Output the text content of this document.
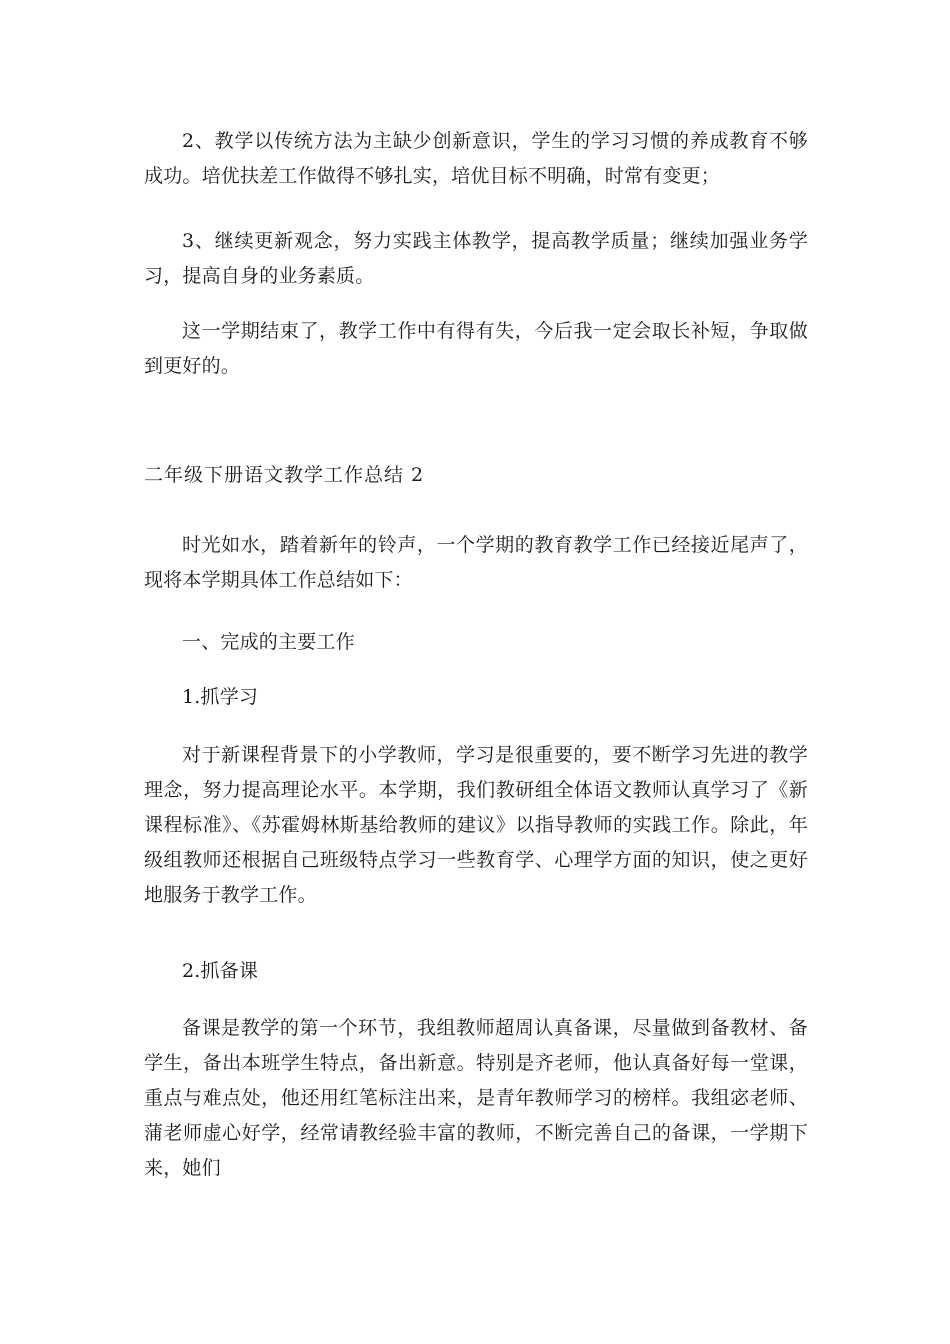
2、教学以传统方法为主缺少创新意识，学生的学习习惯的养成教育不够成功。培优扶差工作做得不够扎实，培优目标不明确，时常有变更；

3、继续更新观念，努力实践主体教学，提高教学质量；继续加强业务学习，提高自身的业务素质。

这一学期结束了，教学工作中有得有失，今后我一定会取长补短，争取做到更好的。

二年级下册语文教学工作总结 2

时光如水，踏着新年的铃声，一个学期的教育教学工作已经接近尾声了，现将本学期具体工作总结如下：

一、完成的主要工作

1.抓学习

对于新课程背景下的小学教师，学习是很重要的，要不断学习先进的教学理念，努力提高理论水平。本学期，我们教研组全体语文教师认真学习了《新课程标准》、《苏霍姆林斯基给教师的建议》以指导教师的实践工作。除此，年级组教师还根据自己班级特点学习一些教育学、心理学方面的知识，使之更好地服务于教学工作。

2.抓备课

备课是教学的第一个环节，我组教师超周认真备课，尽量做到备教材、备学生，备出本班学生特点，备出新意。特别是齐老师，他认真备好每一堂课，重点与难点处，他还用红笔标注出来，是青年教师学习的榜样。我组宓老师、蒲老师虚心好学，经常请教经验丰富的教师，不断完善自己的备课，一学期下来，她们
